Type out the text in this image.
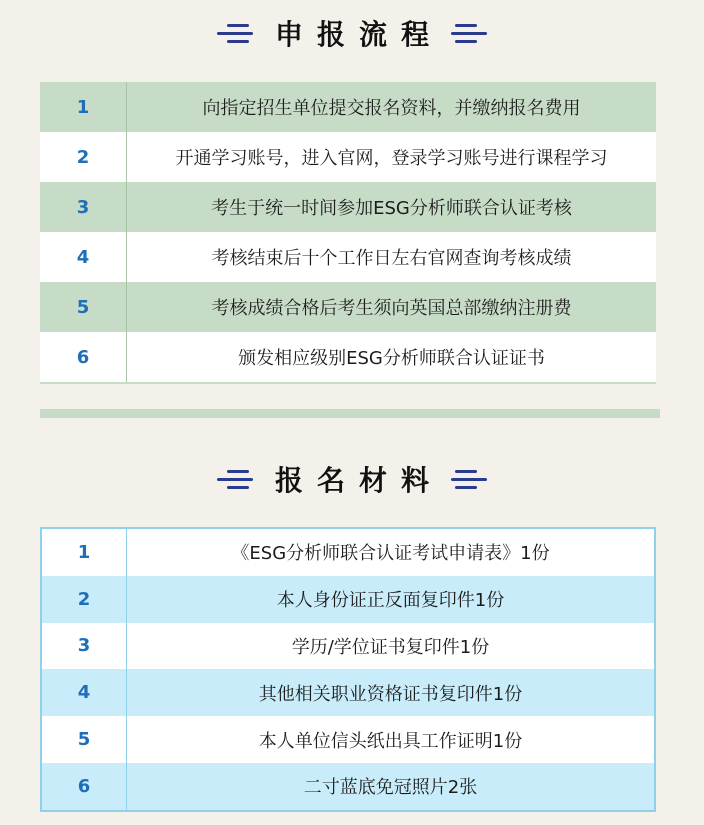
申报流程
1	向指定招生单位提交报名资料，并缴纳报名费用
2	开通学习账号，进入官网，登录学习账号进行课程学习
3	考生于统一时间参加ESG分析师联合认证考核
4	考核结束后十个工作日左右官网查询考核成绩
5	考核成绩合格后考生须向英国总部缴纳注册费
6	颁发相应级别ESG分析师联合认证证书
报名材料
1	《ESG分析师联合认证考试申请表》1份
2	本人身份证正反面复印件1份
3	学历/学位证书复印件1份
4	其他相关职业资格证书复印件1份
5	本人单位信头纸出具工作证明1份
6	二寸蓝底免冠照片2张
